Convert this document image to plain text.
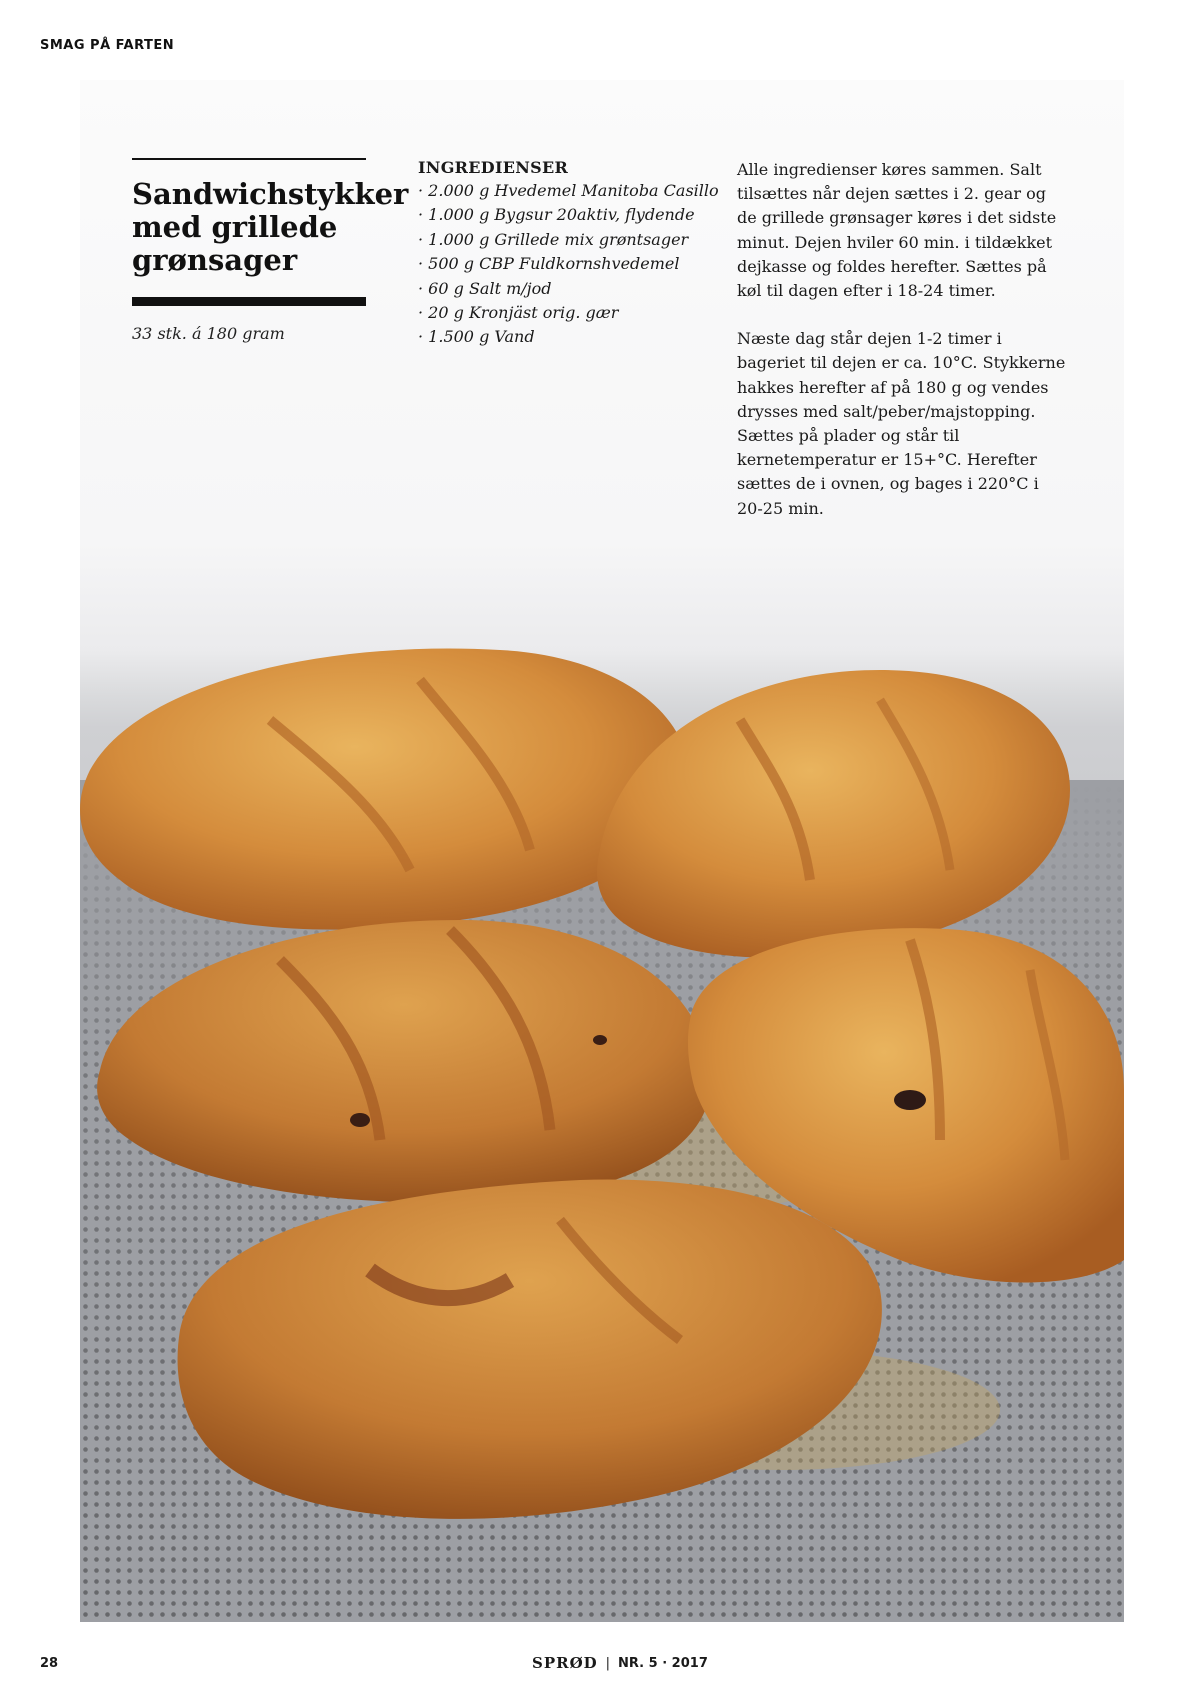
SMAG PÅ FARTEN
Sandwichstykker med grillede grønsager
33 stk. á 180 gram
INGREDIENSER
· 2.000 g Hvedemel Manitoba Casillo
· 1.000 g Bygsur 20aktiv, flydende
· 1.000 g Grillede mix grøntsager
· 500 g CBP Fuldkornshvedemel
· 60 g Salt m/jod
· 20 g Kronjäst orig. gær
· 1.500 g Vand

Alle ingredienser køres sammen. Salt tilsættes når dejen sættes i 2. gear og de grillede grønsager køres i det sidste minut. Dejen hviler 60 min. i tildækket dejkasse og foldes herefter. Sættes på køl til dagen efter i 18-24 timer.

Næste dag står dejen 1-2 timer i bageriet til dejen er ca. 10°C. Stykkerne hakkes herefter af på 180 g og vendes drysses med salt/peber/majstopping. Sættes på plader og står til kernetemperatur er 15+°C. Herefter sættes de i ovnen, og bages i 220°C i 20-25 min.

28	SPRØD | NR. 5 · 2017
